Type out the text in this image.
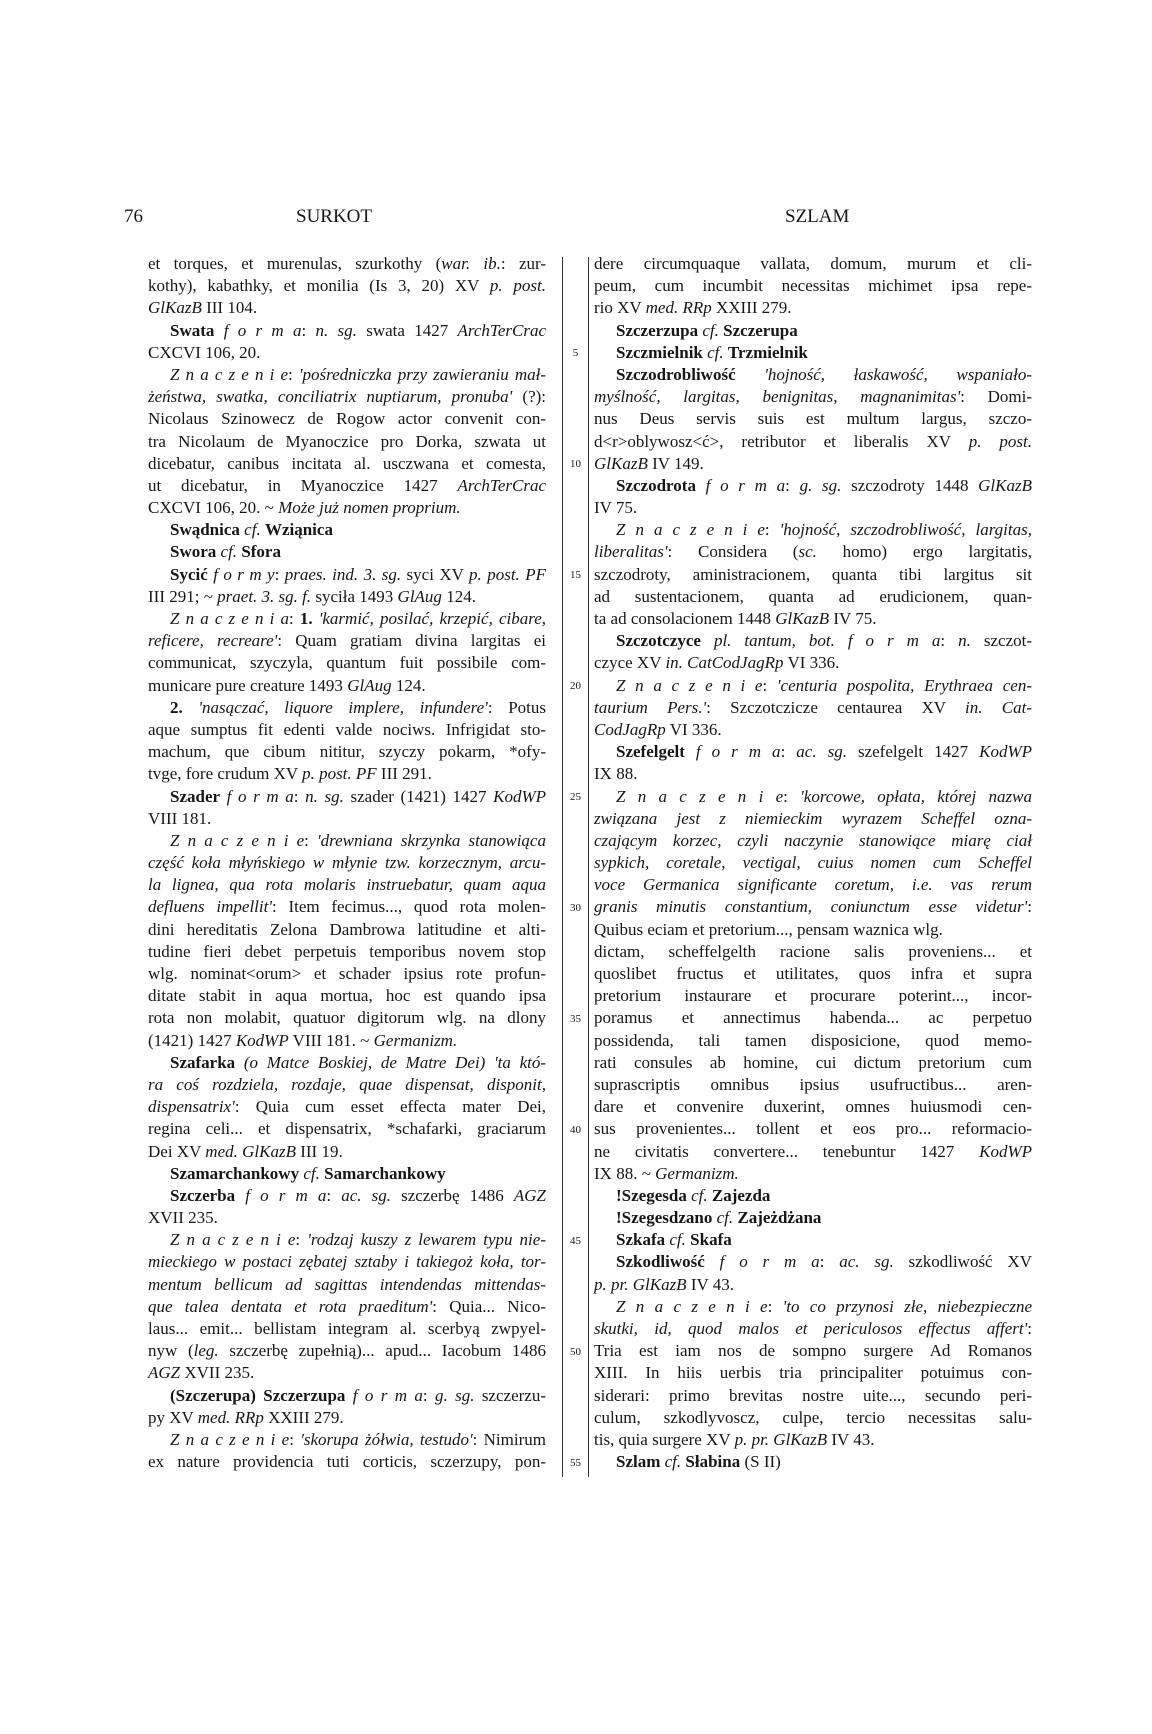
76	SURKOT	SZLAM
et torques, et murenulas, szurkothy (war. ib.: zur-
kothy), kabathky, et monilia (Is 3, 20) XV p. post.
GlKazB III 104.
Swata f o r m a: n. sg. swata 1427 ArchTerCrac
CXCVI 106, 20.
Z n a c z e n i e: 'pośredniczka przy zawieraniu mał-
żeństwa, swatka, conciliatrix nuptiarum, pronuba' (?):
Nicolaus Szinowecz de Rogow actor convenit con-
tra Nicolaum de Myanoczice pro Dorka, szwata ut
dicebatur, canibus incitata al. usczwana et comesta,
ut dicebatur, in Myanoczice 1427 ArchTerCrac
CXCVI 106, 20. ~ Może już nomen proprium.
Swądnica cf. Wziąnica
Swora cf. Sfora
Sycić f o r m y: praes. ind. 3. sg. syci XV p. post. PF
III 291; ~ praet. 3. sg. f. syciła 1493 GlAug 124.
Z n a c z e n i a: 1. 'karmić, posilać, krzepić, cibare,
reficere, recreare': Quam gratiam divina largitas ei
communicat, szyczyla, quantum fuit possibile com-
municare pure creature 1493 GlAug 124.
2. 'nasączać, liquore implere, infundere': Potus
aque sumptus fit edenti valde nociws. Infrigidat sto-
machum, que cibum nititur, szyczy pokarm, *ofy-
tvge, fore crudum XV p. post. PF III 291.
Szader f o r m a: n. sg. szader (1421) 1427 KodWP
VIII 181.
Z n a c z e n i e: 'drewniana skrzynka stanowiąca
część koła młyńskiego w młynie tzw. korzecznym, arcu-
la lignea, qua rota molaris instruebatur, quam aqua
defluens impellit': Item fecimus..., quod rota molen-
dini hereditatis Zelona Dambrowa latitudine et alti-
tudine fieri debet perpetuis temporibus novem stop
wlg. nominat<orum> et schader ipsius rote profun-
ditate stabit in aqua mortua, hoc est quando ipsa
rota non molabit, quatuor digitorum wlg. na dlony
(1421) 1427 KodWP VIII 181. ~ Germanizm.
Szafarka (o Matce Boskiej, de Matre Dei) 'ta któ-
ra coś rozdziela, rozdaje, quae dispensat, disponit,
dispensatrix': Quia cum esset effecta mater Dei,
regina celi... et dispensatrix, *schafarki, graciarum
Dei XV med. GlKazB III 19.
Szamarchankowy cf. Samarchankowy
Szczerba f o r m a: ac. sg. szczerbę 1486 AGZ
XVII 235.
Z n a c z e n i e: 'rodzaj kuszy z lewarem typu nie-
mieckiego w postaci zębatej sztaby i takiegoż koła, tor-
mentum bellicum ad sagittas intendendas mittendas-
que talea dentata et rota praeditum': Quia... Nico-
laus... emit... bellistam integram al. scerbyą zwpyel-
nyw (leg. szczerbę zupełnią)... apud... Iacobum 1486
AGZ XVII 235.
(Szczerupa) Szczerzupa f o r m a: g. sg. szczerzu-
py XV med. RRp XXIII 279.
Z n a c z e n i e: 'skorupa żółwia, testudo': Nimirum
ex nature providencia tuti corticis, sczerzupy, pon-
5
10
15
20
25
30
35
40
45
50
55
dere circumquaque vallata, domum, murum et cli-
peum, cum incumbit necessitas michimet ipsa repe-
rio XV med. RRp XXIII 279.
Szczerzupa cf. Szczerupa
Szczmielnik cf. Trzmielnik
Szczodrobliwość 'hojność, łaskawość, wspaniało-
myślność, largitas, benignitas, magnanimitas': Domi-
nus Deus servis suis est multum largus, szczo-
d<r>oblywosz<ć>, retributor et liberalis XV p. post.
GlKazB IV 149.
Szczodrota f o r m a: g. sg. szczodroty 1448 GlKazB
IV 75.
Z n a c z e n i e: 'hojność, szczodrobliwość, largitas,
liberalitas': Considera (sc. homo) ergo largitatis,
szczodroty, aministracionem, quanta tibi largitus sit
ad sustentacionem, quanta ad erudicionem, quan-
ta ad consolacionem 1448 GlKazB IV 75.
Szczotczyce pl. tantum, bot. f o r m a: n. szczot-
czyce XV in. CatCodJagRp VI 336.
Z n a c z e n i e: 'centuria pospolita, Erythraea cen-
taurium Pers.': Szczotczicze centaurea XV in. Cat-
CodJagRp VI 336.
Szefelgelt f o r m a: ac. sg. szefelgelt 1427 KodWP
IX 88.
Z n a c z e n i e: 'korcowe, opłata, której nazwa
związana jest z niemieckim wyrazem Scheffel ozna-
czającym korzec, czyli naczynie stanowiące miarę ciał
sypkich, coretale, vectigal, cuius nomen cum Scheffel
voce Germanica significante coretum, i.e. vas rerum
granis minutis constantium, coniunctum esse videtur':
Quibus eciam et pretorium..., pensam waznica wlg.
dictam, scheffelgelth racione salis proveniens... et
quoslibet fructus et utilitates, quos infra et supra
pretorium instaurare et procurare poterint..., incor-
poramus et annectimus habenda... ac perpetuo
possidenda, tali tamen disposicione, quod memo-
rati consules ab homine, cui dictum pretorium cum
suprascriptis omnibus ipsius usufructibus... aren-
dare et convenire duxerint, omnes huiusmodi cen-
sus provenientes... tollent et eos pro... reformacio-
ne civitatis convertere... tenebuntur 1427 KodWP
IX 88. ~ Germanizm.
!Szegesda cf. Zajezda
!Szegesdzano cf. Zajeżdżana
Szkafa cf. Skafa
Szkodliwość f o r m a: ac. sg. szkodliwość XV
p. pr. GlKazB IV 43.
Z n a c z e n i e: 'to co przynosi złe, niebezpieczne
skutki, id, quod malos et periculosos effectus affert':
Tria est iam nos de sompno surgere Ad Romanos
XIII. In hiis uerbis tria principaliter potuimus con-
siderari: primo brevitas nostre uite..., secundo peri-
culum, szkodlyvoscz, culpe, tercio necessitas salu-
tis, quia surgere XV p. pr. GlKazB IV 43.
Szlam cf. Słabina (S II)
